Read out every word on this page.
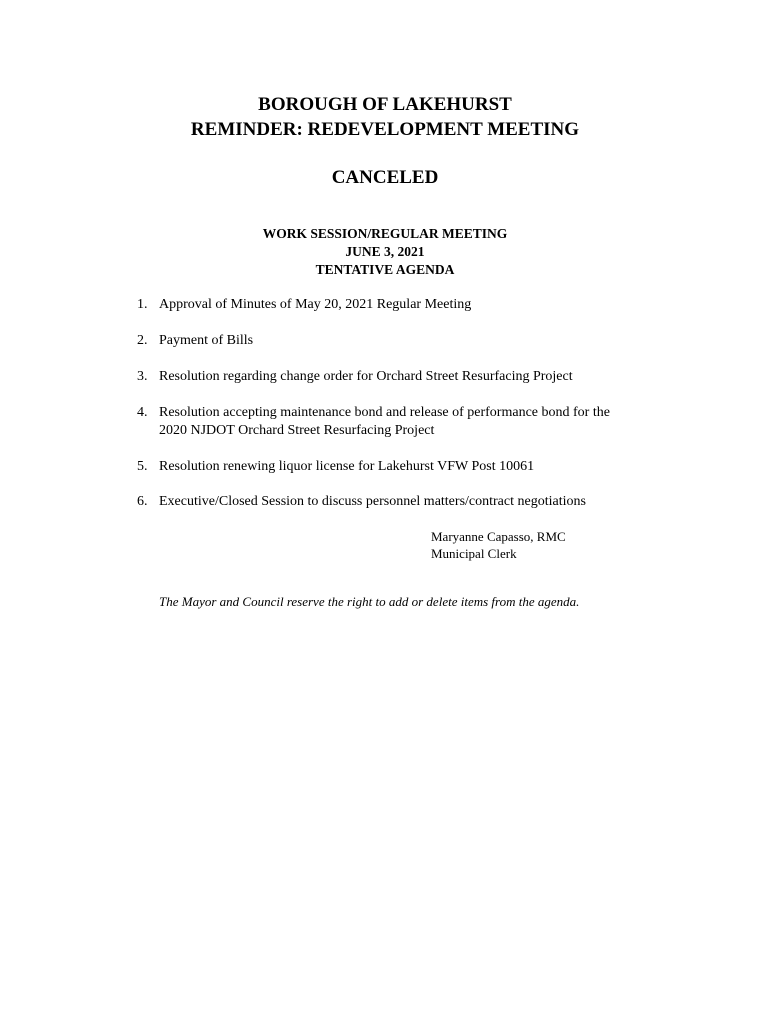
BOROUGH OF LAKEHURST
REMINDER: REDEVELOPMENT MEETING
CANCELED
WORK SESSION/REGULAR MEETING
JUNE 3, 2021
TENTATIVE AGENDA
1. Approval of Minutes of May 20, 2021 Regular Meeting
2. Payment of Bills
3. Resolution regarding change order for Orchard Street Resurfacing Project
4. Resolution accepting maintenance bond and release of performance bond for the
2020 NJDOT Orchard Street Resurfacing Project
5. Resolution renewing liquor license for Lakehurst VFW Post 10061
6. Executive/Closed Session to discuss personnel matters/contract negotiations
Maryanne Capasso, RMC
Municipal Clerk
The Mayor and Council reserve the right to add or delete items from the agenda.
